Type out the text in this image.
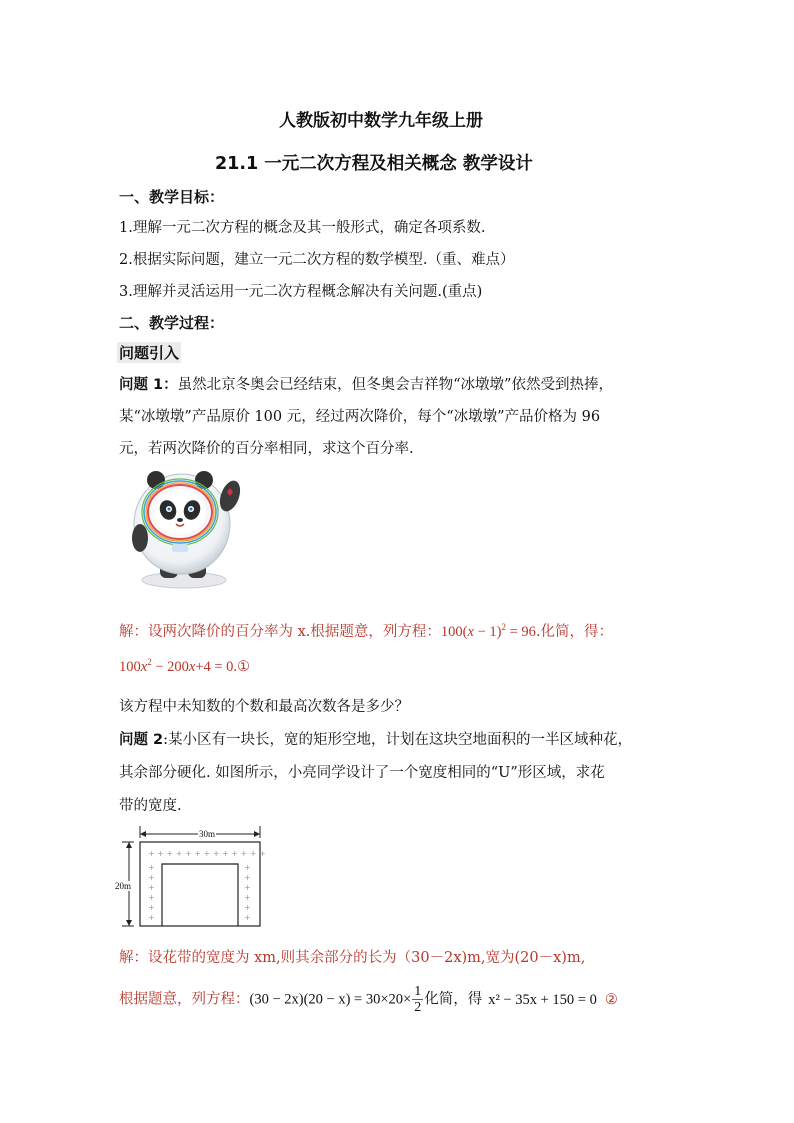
人教版初中数学九年级上册
21.1 一元二次方程及相关概念 教学设计
一、教学目标：
1.理解一元二次方程的概念及其一般形式，确定各项系数.
2.根据实际问题，建立一元二次方程的数学模型.（重、难点）
3.理解并灵活运用一元二次方程概念解决有关问题.(重点)
二、教学过程：
问题引入
问题 1：虽然北京冬奥会已经结束，但冬奥会吉祥物“冰墩墩”依然受到热捧，
某“冰墩墩”产品原价 100 元，经过两次降价，每个“冰墩墩”产品价格为 96
元，若两次降价的百分率相同，求这个百分率.
解：设两次降价的百分率为 x.根据题意，列方程：$100(x - 1)^2 = 96$.化简，得：
$100x^2 - 200x+4$ = 0.①
该方程中未知数的个数和最高次数各是多少？
问题 2:某小区有一块长，宽的矩形空地，计划在这块空地面积的一半区域种花，
其余部分硬化. 如图所示，小亮同学设计了一个宽度相同的“U”形区域，求花
带的宽度.
+ + + + + + + + + + + + +
+
+
+
+
+
+
+
+
+
+
+
+
30m
20m
解：设花带的宽度为 xm,则其余部分的长为（30－2x)m,宽为(20－x)m,
根据题意，列方程：$(30 - 2x)(20 - x) = 30\times 20\times \frac{1}{2}$ 化简，得 x² − 35x + 150 = 0 ②
